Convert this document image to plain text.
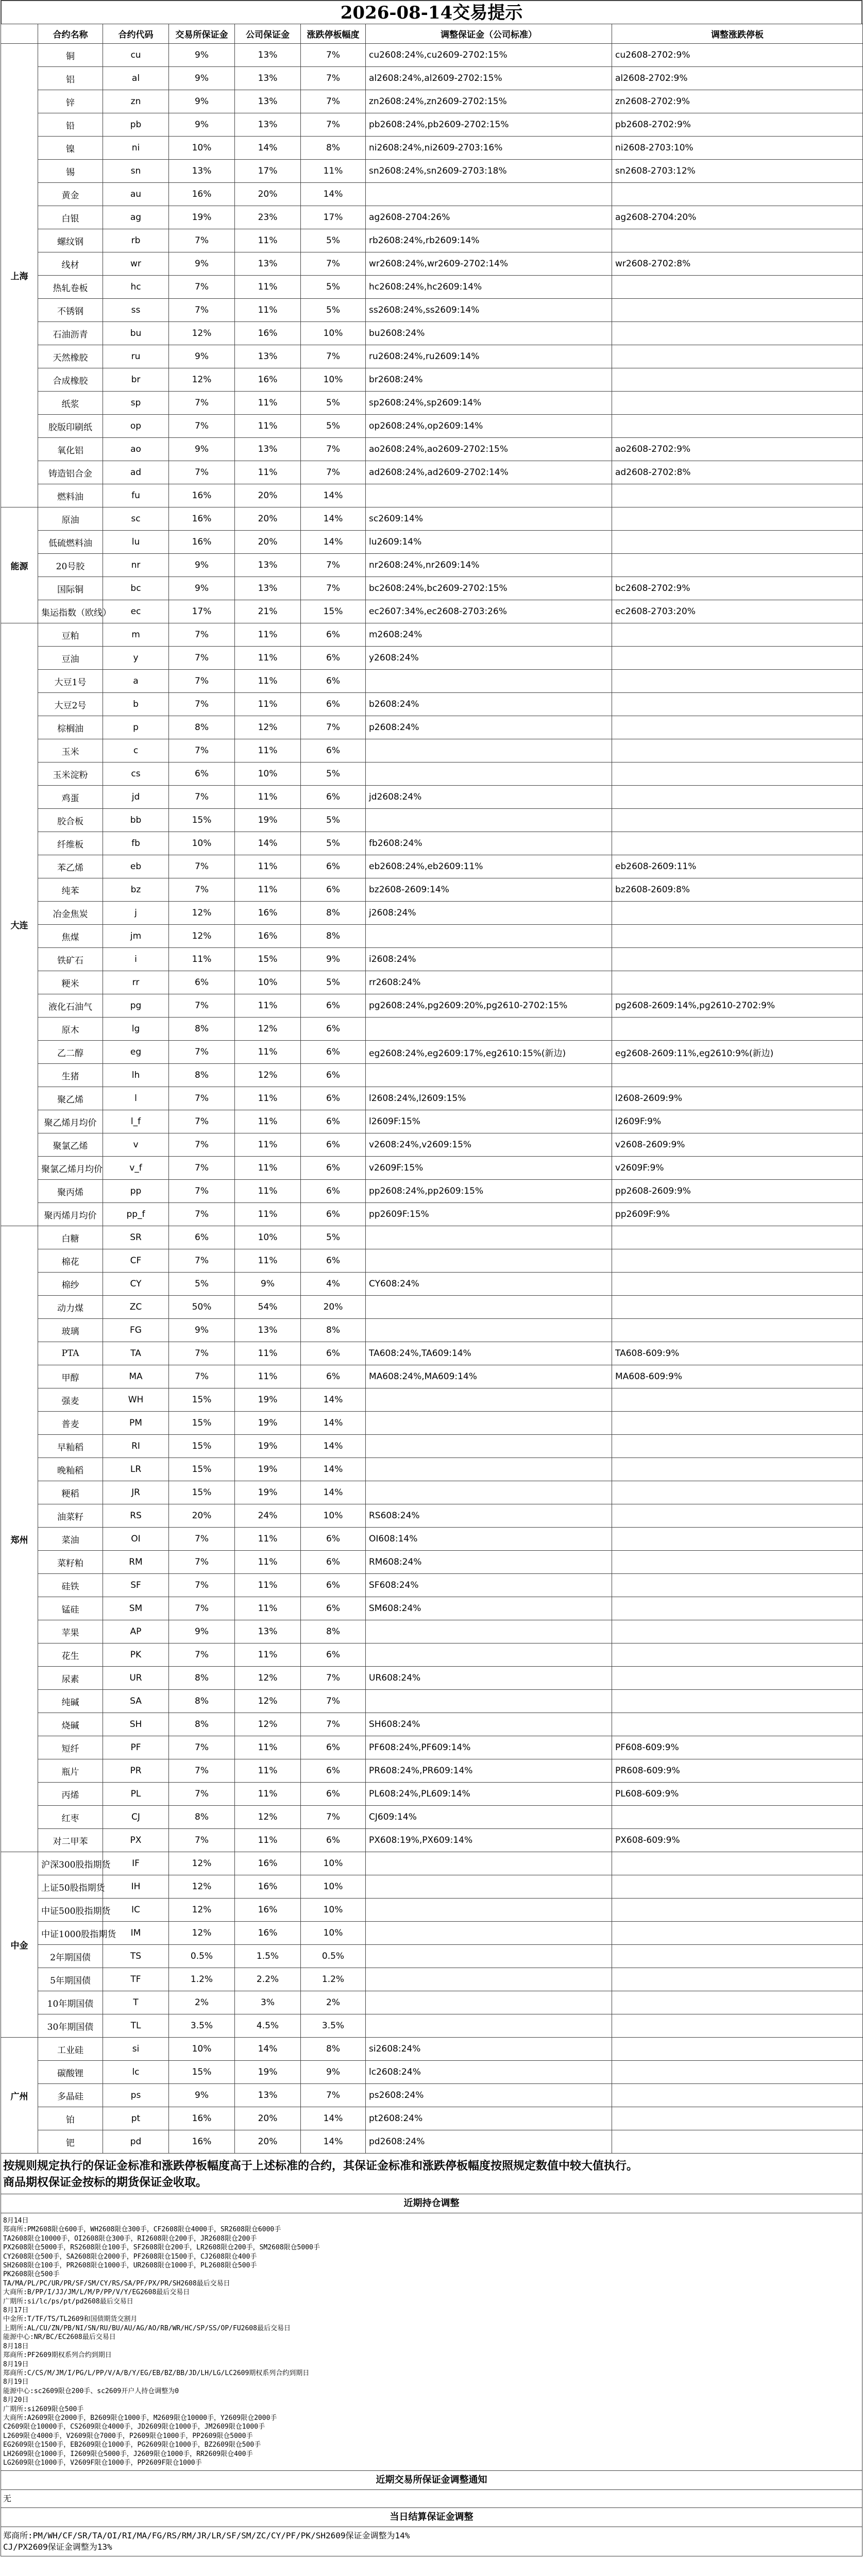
2026-08-14交易提示
	合约名称	合约代码	交易所保证金	公司保证金	涨跌停板幅度	调整保证金（公司标准）	调整涨跌停板
上海	铜	cu	9%	13%	7%	cu2608:24%,cu2609-2702:15%	cu2608-2702:9%
	铝	al	9%	13%	7%	al2608:24%,al2609-2702:15%	al2608-2702:9%
	锌	zn	9%	13%	7%	zn2608:24%,zn2609-2702:15%	zn2608-2702:9%
	铅	pb	9%	13%	7%	pb2608:24%,pb2609-2702:15%	pb2608-2702:9%
	镍	ni	10%	14%	8%	ni2608:24%,ni2609-2703:16%	ni2608-2703:10%
	锡	sn	13%	17%	11%	sn2608:24%,sn2609-2703:18%	sn2608-2703:12%
	黄金	au	16%	20%	14%		
	白银	ag	19%	23%	17%	ag2608-2704:26%	ag2608-2704:20%
	螺纹钢	rb	7%	11%	5%	rb2608:24%,rb2609:14%	
	线材	wr	9%	13%	7%	wr2608:24%,wr2609-2702:14%	wr2608-2702:8%
	热轧卷板	hc	7%	11%	5%	hc2608:24%,hc2609:14%	
	不锈钢	ss	7%	11%	5%	ss2608:24%,ss2609:14%	
	石油沥青	bu	12%	16%	10%	bu2608:24%	
	天然橡胶	ru	9%	13%	7%	ru2608:24%,ru2609:14%	
	合成橡胶	br	12%	16%	10%	br2608:24%	
	纸浆	sp	7%	11%	5%	sp2608:24%,sp2609:14%	
	胶版印刷纸	op	7%	11%	5%	op2608:24%,op2609:14%	
	氧化铝	ao	9%	13%	7%	ao2608:24%,ao2609-2702:15%	ao2608-2702:9%
	铸造铝合金	ad	7%	11%	7%	ad2608:24%,ad2609-2702:14%	ad2608-2702:8%
	燃料油	fu	16%	20%	14%		
能源	原油	sc	16%	20%	14%	sc2609:14%	
	低硫燃料油	lu	16%	20%	14%	lu2609:14%	
	20号胶	nr	9%	13%	7%	nr2608:24%,nr2609:14%	
	国际铜	bc	9%	13%	7%	bc2608:24%,bc2609-2702:15%	bc2608-2702:9%
	集运指数（欧线）	ec	17%	21%	15%	ec2607:34%,ec2608-2703:26%	ec2608-2703:20%
大连	豆粕	m	7%	11%	6%	m2608:24%	
	豆油	y	7%	11%	6%	y2608:24%	
	大豆1号	a	7%	11%	6%		
	大豆2号	b	7%	11%	6%	b2608:24%	
	棕榈油	p	8%	12%	7%	p2608:24%	
	玉米	c	7%	11%	6%		
	玉米淀粉	cs	6%	10%	5%		
	鸡蛋	jd	7%	11%	6%	jd2608:24%	
	胶合板	bb	15%	19%	5%		
	纤维板	fb	10%	14%	5%	fb2608:24%	
	苯乙烯	eb	7%	11%	6%	eb2608:24%,eb2609:11%	eb2608-2609:11%
	纯苯	bz	7%	11%	6%	bz2608-2609:14%	bz2608-2609:8%
	冶金焦炭	j	12%	16%	8%	j2608:24%	
	焦煤	jm	12%	16%	8%		
	铁矿石	i	11%	15%	9%	i2608:24%	
	粳米	rr	6%	10%	5%	rr2608:24%	
	液化石油气	pg	7%	11%	6%	pg2608:24%,pg2609:20%,pg2610-2702:15%	pg2608-2609:14%,pg2610-2702:9%
	原木	lg	8%	12%	6%		
	乙二醇	eg	7%	11%	6%	eg2608:24%,eg2609:17%,eg2610:15%(新边)	eg2608-2609:11%,eg2610:9%(新边)
	生猪	lh	8%	12%	6%		
	聚乙烯	l	7%	11%	6%	l2608:24%,l2609:15%	l2608-2609:9%
	聚乙烯月均价	l_f	7%	11%	6%	l2609F:15%	l2609F:9%
	聚氯乙烯	v	7%	11%	6%	v2608:24%,v2609:15%	v2608-2609:9%
	聚氯乙烯月均价	v_f	7%	11%	6%	v2609F:15%	v2609F:9%
	聚丙烯	pp	7%	11%	6%	pp2608:24%,pp2609:15%	pp2608-2609:9%
	聚丙烯月均价	pp_f	7%	11%	6%	pp2609F:15%	pp2609F:9%
郑州	白糖	SR	6%	10%	5%		
	棉花	CF	7%	11%	6%		
	棉纱	CY	5%	9%	4%	CY608:24%	
	动力煤	ZC	50%	54%	20%		
	玻璃	FG	9%	13%	8%		
	PTA	TA	7%	11%	6%	TA608:24%,TA609:14%	TA608-609:9%
	甲醇	MA	7%	11%	6%	MA608:24%,MA609:14%	MA608-609:9%
	强麦	WH	15%	19%	14%		
	普麦	PM	15%	19%	14%		
	早籼稻	RI	15%	19%	14%		
	晚籼稻	LR	15%	19%	14%		
	粳稻	JR	15%	19%	14%		
	油菜籽	RS	20%	24%	10%	RS608:24%	
	菜油	OI	7%	11%	6%	OI608:14%	
	菜籽粕	RM	7%	11%	6%	RM608:24%	
	硅铁	SF	7%	11%	6%	SF608:24%	
	锰硅	SM	7%	11%	6%	SM608:24%	
	苹果	AP	9%	13%	8%		
	花生	PK	7%	11%	6%		
	尿素	UR	8%	12%	7%	UR608:24%	
	纯碱	SA	8%	12%	7%		
	烧碱	SH	8%	12%	7%	SH608:24%	
	短纤	PF	7%	11%	6%	PF608:24%,PF609:14%	PF608-609:9%
	瓶片	PR	7%	11%	6%	PR608:24%,PR609:14%	PR608-609:9%
	丙烯	PL	7%	11%	6%	PL608:24%,PL609:14%	PL608-609:9%
	红枣	CJ	8%	12%	7%	CJ609:14%	
	对二甲苯	PX	7%	11%	6%	PX608:19%,PX609:14%	PX608-609:9%
中金	沪深300股指期货	IF	12%	16%	10%		
	上证50股指期货	IH	12%	16%	10%		
	中证500股指期货	IC	12%	16%	10%		
	中证1000股指期货	IM	12%	16%	10%		
	2年期国债	TS	0.5%	1.5%	0.5%		
	5年期国债	TF	1.2%	2.2%	1.2%		
	10年期国债	T	2%	3%	2%		
	30年期国债	TL	3.5%	4.5%	3.5%		
广州	工业硅	si	10%	14%	8%	si2608:24%	
	碳酸锂	lc	15%	19%	9%	lc2608:24%	
	多晶硅	ps	9%	13%	7%	ps2608:24%	
	铂	pt	16%	20%	14%	pt2608:24%	
	钯	pd	16%	20%	14%	pd2608:24%	
按规则规定执行的保证金标准和涨跌停板幅度高于上述标准的合约，其保证金标准和涨跌停板幅度按照规定数值中较大值执行。
商品期权保证金按标的期货保证金收取。
近期持仓调整
8月14日
郑商所:PM2608限仓600手，WH2608限仓300手，CF2608限仓4000手，SR2608限仓6000手
TA2608限仓10000手，OI2608限仓300手，RI2608限仓200手，JR2608限仓200手
PX2608限仓5000手，RS2608限仓100手，SF2608限仓200手，LR2608限仓200手，SM2608限仓5000手
CY2608限仓500手，SA2608限仓2000手，PF2608限仓1500手，CJ2608限仓400手
SH2608限仓100手，PR2608限仓1000手，UR2608限仓1000手，PL2608限仓500手
PK2608限仓500手
TA/MA/PL/PC/UR/PR/SF/SM/CY/RS/SA/PF/PX/PR/SH2608最后交易日
大商所:B/PP/I/JJ/JM/L/M/P/PP/V/Y/EG2608最后交易日
广期所:si/lc/ps/pt/pd2608最后交易日
8月17日
中金所:T/TF/TS/TL2609和国债期货交割月
上期所:AL/CU/ZN/PB/NI/SN/RU/BU/AU/AG/AO/RB/WR/HC/SP/SS/OP/FU2608最后交易日
能源中心:NR/BC/EC2608最后交易日
8月18日
郑商所:PF2609期权系列合约到期日
8月19日
郑商所:C/CS/M/JM/I/PG/L/PP/V/A/B/Y/EG/EB/BZ/BB/JD/LH/LG/LC2609期权系列合约到期日
8月19日
能源中心:sc2609限仓200手、sc2609开户人持仓调整为0
8月20日
广期所:si2609限仓500手
大商所:A2609限仓2000手，B2609限仓1000手，M2609限仓10000手，Y2609限仓2000手
C2609限仓10000手，CS2609限仓4000手，JD2609限仓1000手，JM2609限仓1000手
L2609限仓4000手，V2609限仓7000手，P2609限仓1000手，PP2609限仓5000手
EG2609限仓1500手，EB2609限仓1000手，PG2609限仓1000手，BZ2609限仓500手
LH2609限仓1000手，I2609限仓5000手，J2609限仓1000手，RR2609限仓400手
LG2609限仓1000手，V2609F限仓1000手，PP2609F限仓1000手
近期交易所保证金调整通知
无
当日结算保证金调整
郑商所:PM/WH/CF/SR/TA/OI/RI/MA/FG/RS/RM/JR/LR/SF/SM/ZC/CY/PF/PK/SH2609保证金调整为14%
CJ/PX2609保证金调整为13%
